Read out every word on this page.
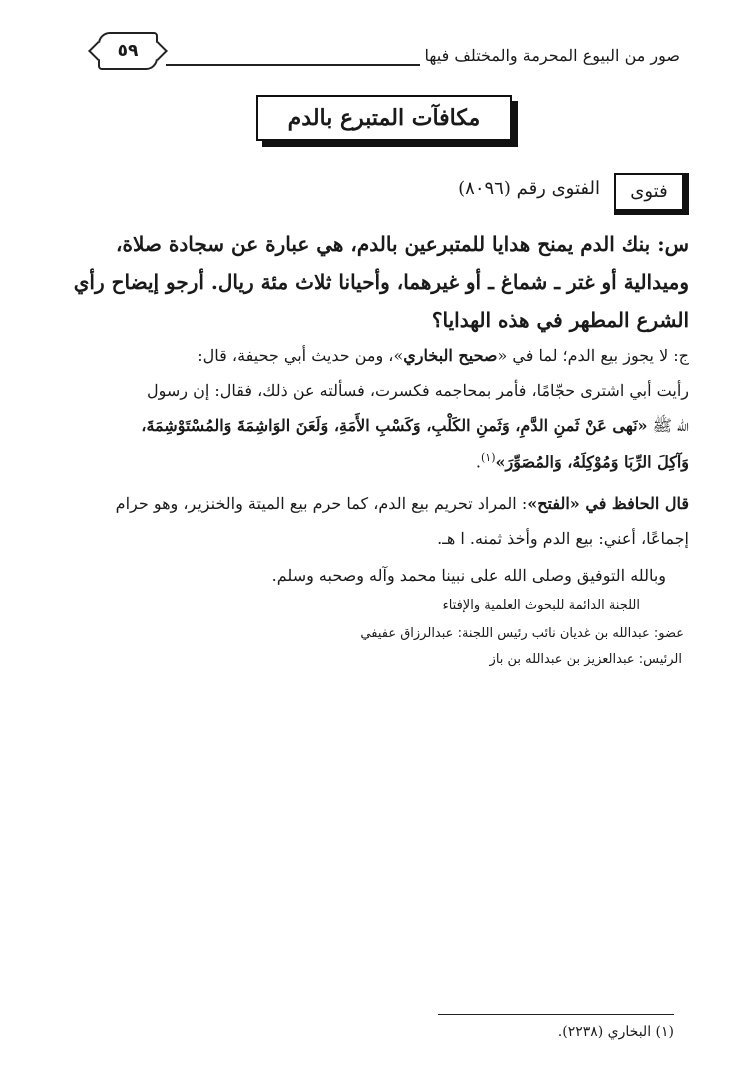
٥٩	صور من البيوع المحرمة والمختلف فيها
مكافآت المتبرع بالدم
فتوى
الفتوى رقم (٨٠٩٦)
س: بنك الدم يمنح هدايا للمتبرعين بالدم، هي عبارة عن سجادة صلاة،
وميدالية أو غتر ـ شماغ ـ أو غيرهما، وأحيانا ثلاث مئة ريال. أرجو إيضاح رأي
الشرع المطهر في هذه الهدايا؟
ج: لا يجوز بيع الدم؛ لما في «صحيح البخاري»، ومن حديث أبي جحيفة، قال:
رأيت أبي اشترى حجّامًا، فأمر بمحاجمه فكسرت، فسألته عن ذلك، فقال: إن رسول
الله ﷺ «نَهى عَنْ ثَمنِ الدَّمِ، وَثَمنِ الكَلْبِ، وَكَسْبِ الأَمَةِ، وَلَعَنَ الوَاشِمَةَ وَالمُسْتَوْشِمَةَ،
وَآكِلَ الرِّبَا وَمُوْكِلَهُ، وَالمُصَوِّرَ»$^{(١)}$.
قال الحافظ في «الفتح»: المراد تحريم بيع الدم، كما حرم بيع الميتة والخنزير، وهو حرام
إجماعًا، أعني: بيع الدم وأخذ ثمنه. ا هـ.
وبالله التوفيق وصلى الله على نبينا محمد وآله وصحبه وسلم.
اللجنة الدائمة للبحوث العلمية والإفتاء
عضو: عبدالله بن غديان نائب رئيس اللجنة: عبدالرزاق عفيفي
الرئيس: عبدالعزيز بن عبدالله بن باز
(١) البخاري (٢٢٣٨).
